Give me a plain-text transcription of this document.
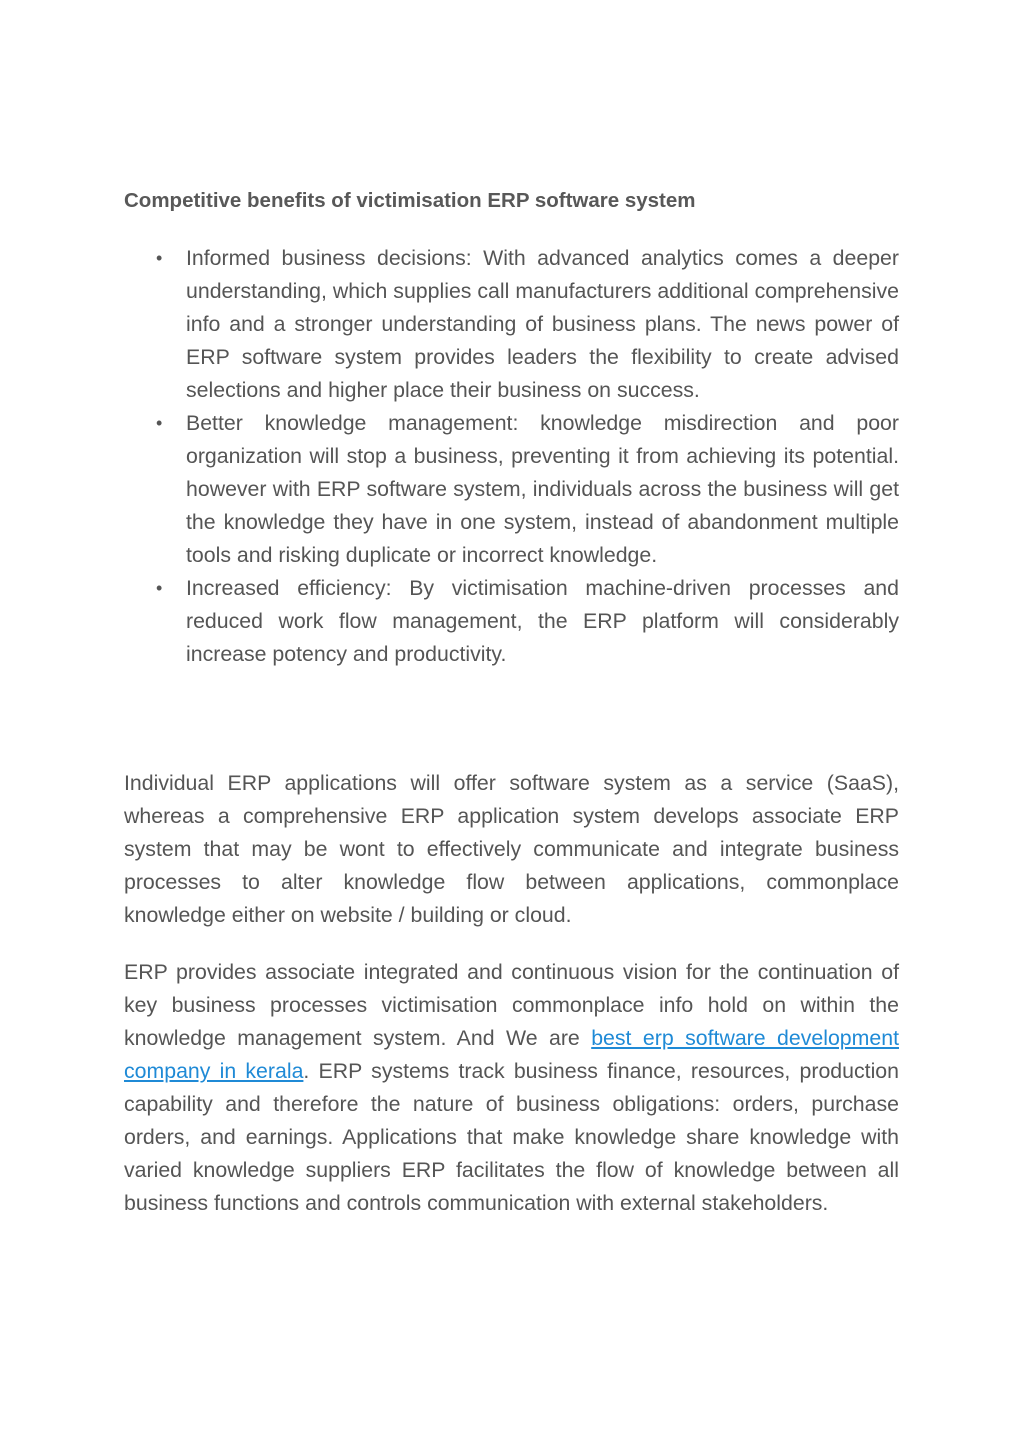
Competitive benefits of victimisation ERP software system
• Informed business decisions: With advanced analytics comes a deeper understanding, which supplies call manufacturers additional comprehensive info and a stronger understanding of business plans. The news power of ERP software system provides leaders the flexibility to create advised selections and higher place their business on success.
• Better knowledge management: knowledge misdirection and poor organization will stop a business, preventing it from achieving its potential. however with ERP software system, individuals across the business will get the knowledge they have in one system, instead of abandonment multiple tools and risking duplicate or incorrect knowledge.
• Increased efficiency: By victimisation machine-driven processes and reduced work flow management, the ERP platform will considerably increase potency and productivity.

Individual ERP applications will offer software system as a service (SaaS), whereas a comprehensive ERP application system develops associate ERP system that may be wont to effectively communicate and integrate business processes to alter knowledge flow between applications, commonplace knowledge either on website / building or cloud.

ERP provides associate integrated and continuous vision for the continuation of key business processes victimisation commonplace info hold on within the knowledge management system. And We are best erp software development company in kerala. ERP systems track business finance, resources, production capability and therefore the nature of business obligations: orders, purchase orders, and earnings. Applications that make knowledge share knowledge with varied knowledge suppliers ERP facilitates the flow of knowledge between all business functions and controls communication with external stakeholders.
